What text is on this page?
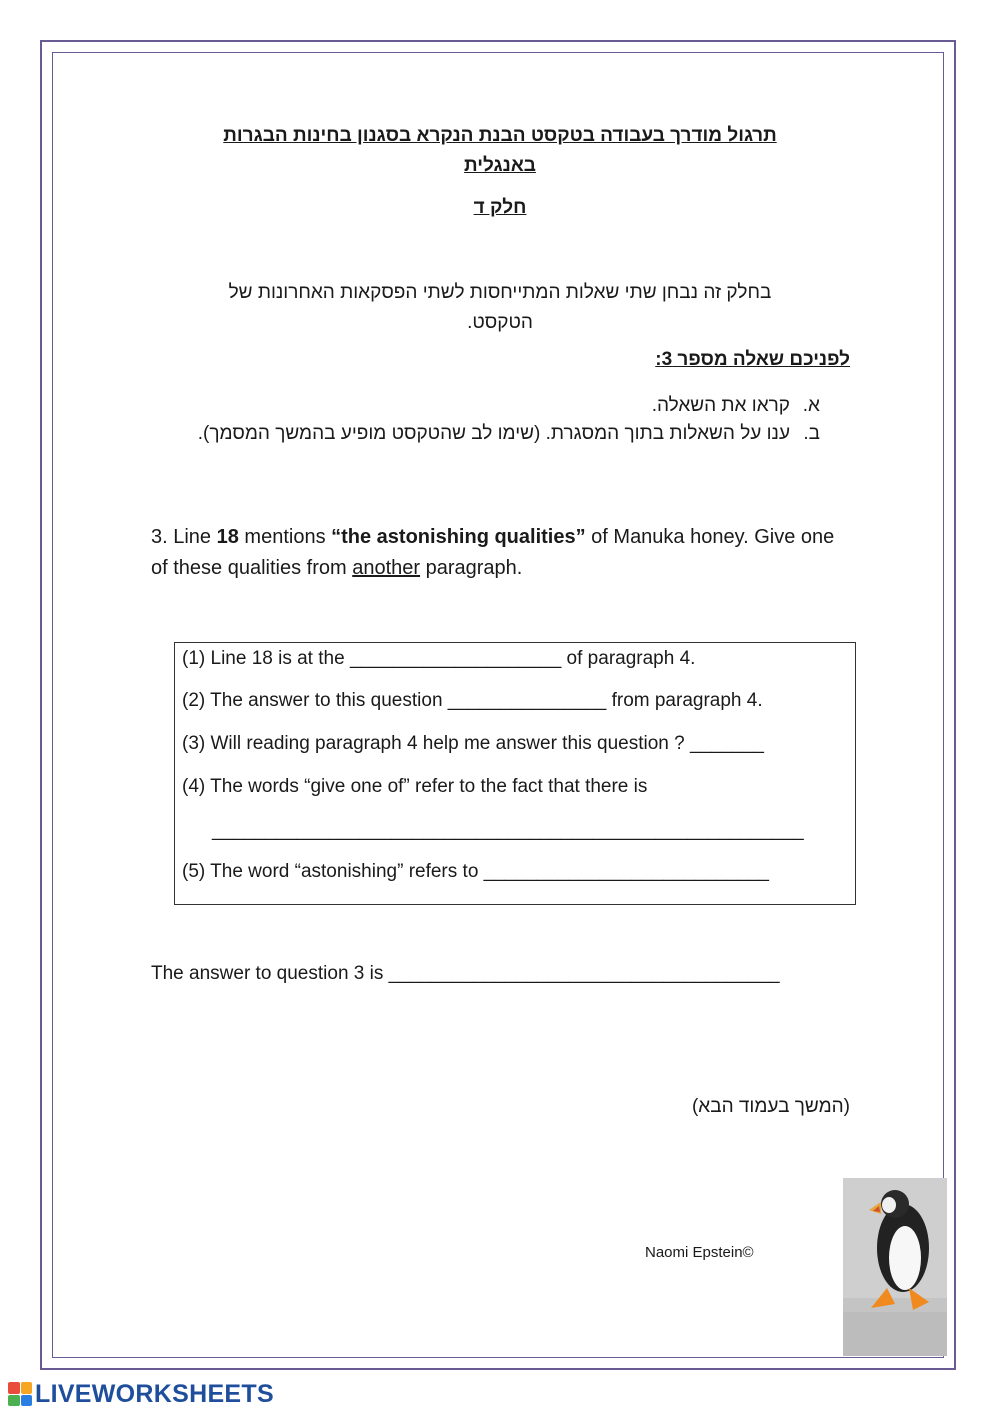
תרגול מודרך בעבודה בטקסט הבנת הנקרא בסגנון בחינות הבגרות
באנגלית
חלק ד
בחלק זה נבחן שתי שאלות המתייחסות לשתי הפסקאות האחרונות של
הטקסט.
לפניכם שאלה מספר 3:
א.
קראו את השאלה.
ב.
ענו על השאלות בתוך המסגרת. (שימו לב שהטקסט מופיע בהמשך המסמך).
3. Line 18 mentions “the astonishing qualities” of Manuka honey. Give one of these qualities from another paragraph.
(1) Line 18 is at the ____________________ of paragraph 4.
(2) The answer to this question _______________ from paragraph 4.
(3) Will reading paragraph 4 help me answer this question ? _______
(4) The words “give one of” refer to the fact that there is
________________________________________________________
(5) The word “astonishing” refers to ___________________________
The answer to question 3 is _____________________________________
(המשך בעמוד הבא)
Naomi Epstein©
LIVEWORKSHEETS
